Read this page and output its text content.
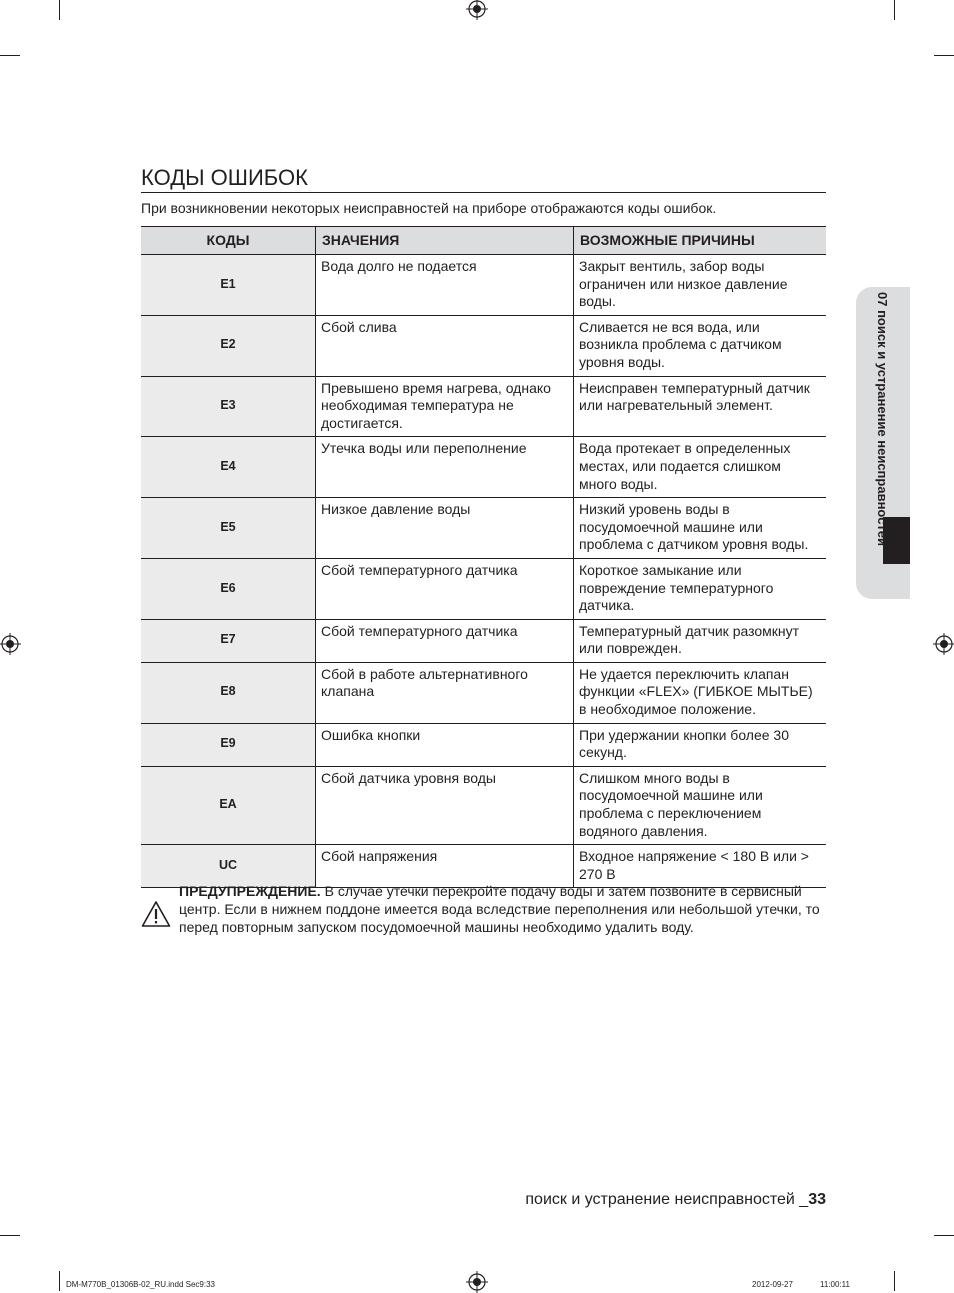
КОДЫ ОШИБОК

При возникновении некоторых неисправностей на приборе отображаются коды ошибок.

КОДЫ	ЗНАЧЕНИЯ	ВОЗМОЖНЫЕ ПРИЧИНЫ
E1	Вода долго не подается	Закрыт вентиль, забор воды ограничен или низкое давление воды.
E2	Сбой слива	Сливается не вся вода, или возникла проблема с датчиком уровня воды.
E3	Превышено время нагрева, однако необходимая температура не достигается.	Неисправен температурный датчик или нагревательный элемент.
E4	Утечка воды или переполнение	Вода протекает в определенных местах, или подается слишком много воды.
E5	Низкое давление воды	Низкий уровень воды в посудомоечной машине или проблема с датчиком уровня воды.
E6	Сбой температурного датчика	Короткое замыкание или повреждение температурного датчика.
E7	Сбой температурного датчика	Температурный датчик разомкнут или поврежден.
E8	Сбой в работе альтернативного клапана	Не удается переключить клапан функции «FLEX» (ГИБКОЕ МЫТЬЕ) в необходимое положение.
E9	Ошибка кнопки	При удержании кнопки более 30 секунд.
EA	Сбой датчика уровня воды	Слишком много воды в посудомоечной машине или проблема с переключением водяного давления.
UC	Сбой напряжения	Входное напряжение < 180 В или > 270 В

ПРЕДУПРЕЖДЕНИЕ. В случае утечки перекройте подачу воды и затем позвоните в сервисный центр. Если в нижнем поддоне имеется вода вследствие переполнения или небольшой утечки, то перед повторным запуском посудомоечной машины необходимо удалить воду.

07 поиск и устранение неисправностей
поиск и устранение неисправностей _33
DM-M770B_01306B-02_RU.indd Sec9:33	2012-09-27	11:00:11
